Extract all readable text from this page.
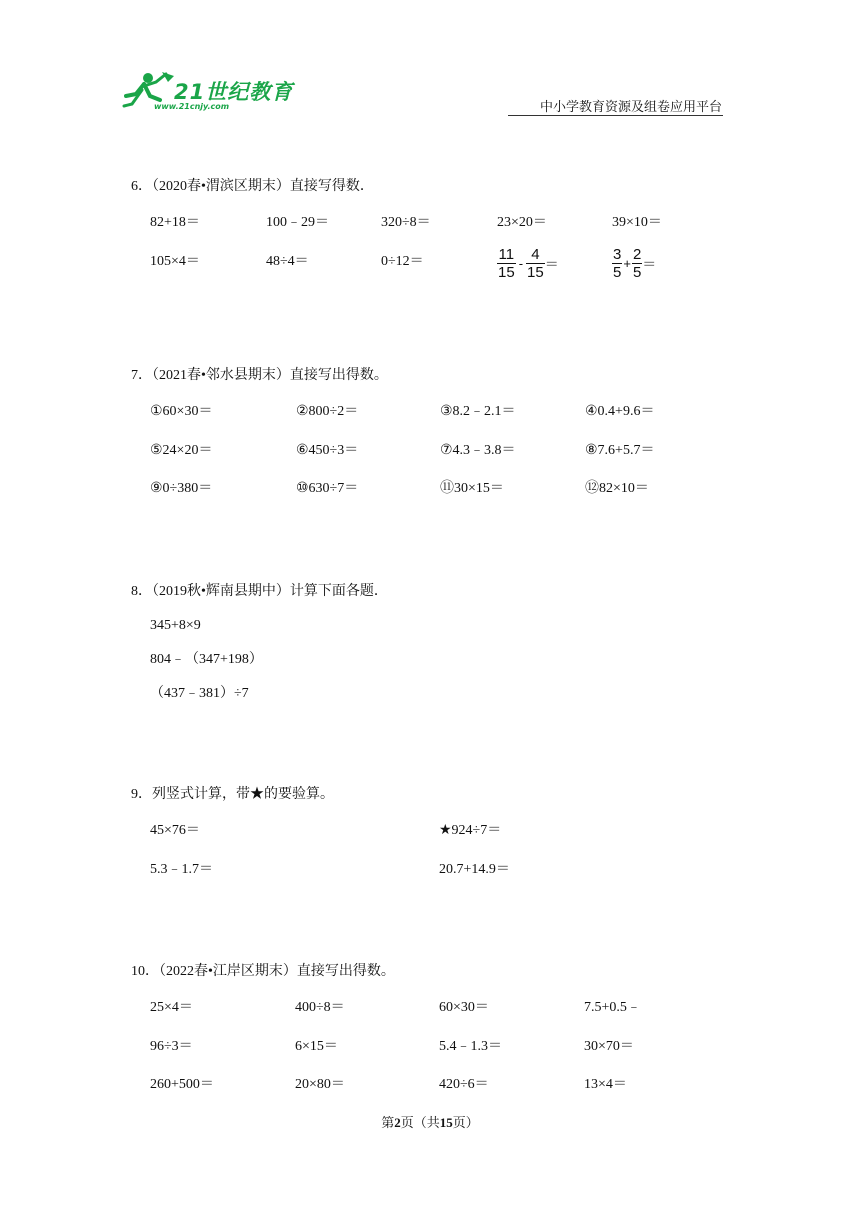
21世纪教育
www.21cnjy.com	中小学教育资源及组卷应用平台
6．（2020春•渭滨区期末）直接写得数．
82+18＝	100﹣29＝	320÷8＝	23×20＝	39×10＝
105×4＝	48÷4＝	0÷12＝	$\frac{11}{15} - \frac{4}{15}$ ＝	$\frac{3}{5} + \frac{2}{5}$ ＝
7．（2021春•邻水县期末）直接写出得数。
①60×30＝	②800÷2＝	③8.2﹣2.1＝	④0.4+9.6＝
⑤24×20＝	⑥450÷3＝	⑦4.3﹣3.8＝	⑧7.6+5.7＝
⑨0÷380＝	⑩630÷7＝	⑪30×15＝	⑫82×10＝
8．（2019秋•辉南县期中）计算下面各题．
345+8×9
804﹣（347+198）
（437﹣381）÷7
9．列竖式计算，带★的要验算。
45×76＝	★924÷7＝
5.3﹣1.7＝	20.7+14.9＝
10．（2022春•江岸区期末）直接写出得数。
25×4＝	400÷8＝	60×30＝	7.5+0.5﹣
96÷3＝	6×15＝	5.4﹣1.3＝	30×70＝
260+500＝	20×80＝	420÷6＝	13×4＝
第2页（共15页）
